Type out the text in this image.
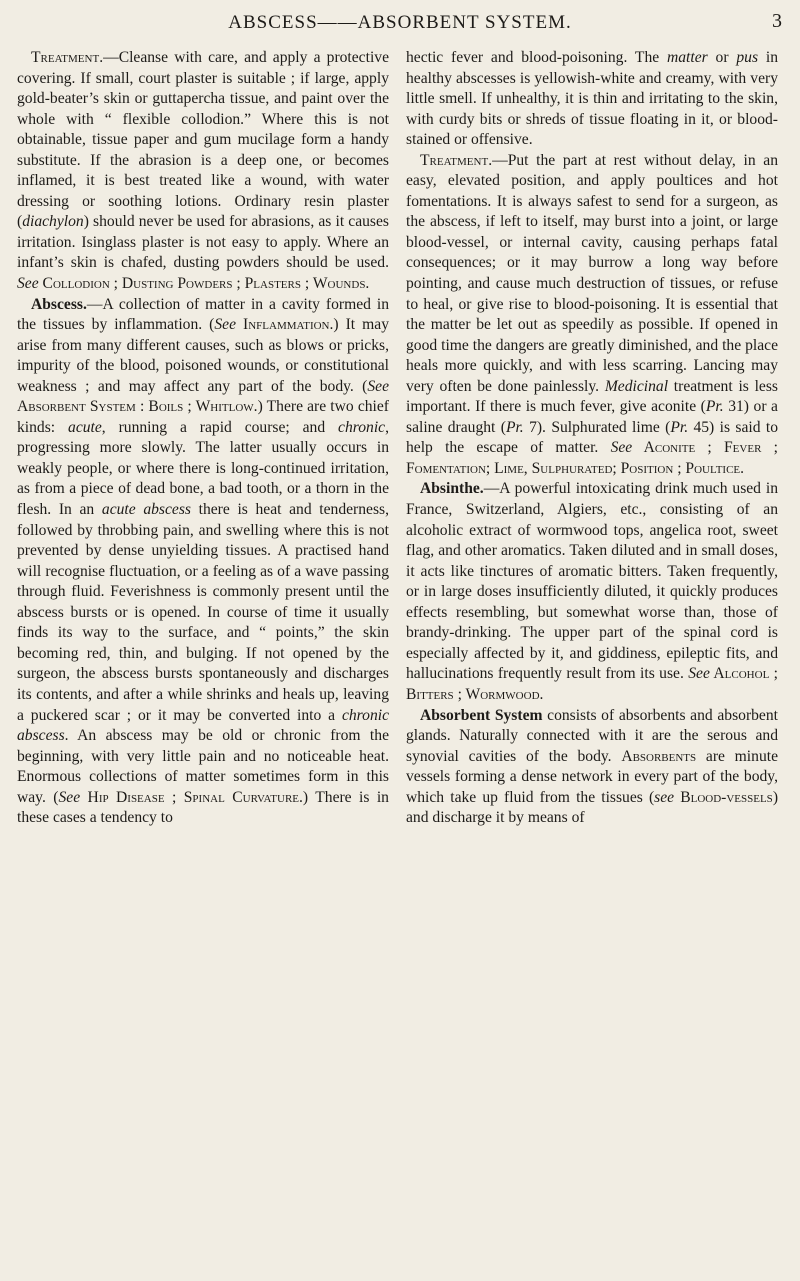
ABSCESS——ABSORBENT SYSTEM.	3

Treatment.—Cleanse with care, and apply a protective covering. If small, court plaster is suitable ; if large, apply gold-beater’s skin or guttapercha tissue, and paint over the whole with “ flexible collodion.” Where this is not obtainable, tissue paper and gum mucilage form a handy substitute. If the abrasion is a deep one, or becomes inflamed, it is best treated like a wound, with water dressing or soothing lotions. Ordinary resin plaster (diachylon) should never be used for abrasions, as it causes irritation. Isinglass plaster is not easy to apply. Where an infant’s skin is chafed, dusting powders should be used. See Collodion ; Dusting Powders ; Plasters ; Wounds.

Abscess.—A collection of matter in a cavity formed in the tissues by inflammation. (See Inflammation.) It may arise from many different causes, such as blows or pricks, impurity of the blood, poisoned wounds, or constitutional weakness ; and may affect any part of the body. (See Absorbent System : Boils ; Whitlow.) There are two chief kinds: acute, running a rapid course; and chronic, progressing more slowly. The latter usually occurs in weakly people, or where there is long-continued irritation, as from a piece of dead bone, a bad tooth, or a thorn in the flesh. In an acute abscess there is heat and tenderness, followed by throbbing pain, and swelling where this is not prevented by dense unyielding tissues. A practised hand will recognise fluctuation, or a feeling as of a wave passing through fluid. Feverishness is commonly present until the abscess bursts or is opened. In course of time it usually finds its way to the surface, and “ points,” the skin becoming red, thin, and bulging. If not opened by the surgeon, the abscess bursts spontaneously and discharges its contents, and after a while shrinks and heals up, leaving a puckered scar ; or it may be converted into a chronic abscess. An abscess may be old or chronic from the beginning, with very little pain and no noticeable heat. Enormous collections of matter sometimes form in this way. (See Hip Disease ; Spinal Curvature.) There is in these cases a tendency to

hectic fever and blood-poisoning. The matter or pus in healthy abscesses is yellowish-white and creamy, with very little smell. If unhealthy, it is thin and irritating to the skin, with curdy bits or shreds of tissue floating in it, or blood-stained or offensive.

Treatment.—Put the part at rest without delay, in an easy, elevated position, and apply poultices and hot fomentations. It is always safest to send for a surgeon, as the abscess, if left to itself, may burst into a joint, or large blood-vessel, or internal cavity, causing perhaps fatal consequences; or it may burrow a long way before pointing, and cause much destruction of tissues, or refuse to heal, or give rise to blood-poisoning. It is essential that the matter be let out as speedily as possible. If opened in good time the dangers are greatly diminished, and the place heals more quickly, and with less scarring. Lancing may very often be done painlessly. Medicinal treatment is less important. If there is much fever, give aconite (Pr. 31) or a saline draught (Pr. 7). Sulphurated lime (Pr. 45) is said to help the escape of matter. See Aconite ; Fever ; Fomentation; Lime, Sulphurated; Position ; Poultice.

Absinthe.—A powerful intoxicating drink much used in France, Switzerland, Algiers, etc., consisting of an alcoholic extract of wormwood tops, angelica root, sweet flag, and other aromatics. Taken diluted and in small doses, it acts like tinctures of aromatic bitters. Taken frequently, or in large doses insufficiently diluted, it quickly produces effects resembling, but somewhat worse than, those of brandy-drinking. The upper part of the spinal cord is especially affected by it, and giddiness, epileptic fits, and hallucinations frequently result from its use. See Alcohol ; Bitters ; Wormwood.

Absorbent System consists of absorbents and absorbent glands. Naturally connected with it are the serous and synovial cavities of the body. Absorbents are minute vessels forming a dense network in every part of the body, which take up fluid from the tissues (see Blood-vessels) and discharge it by means of
